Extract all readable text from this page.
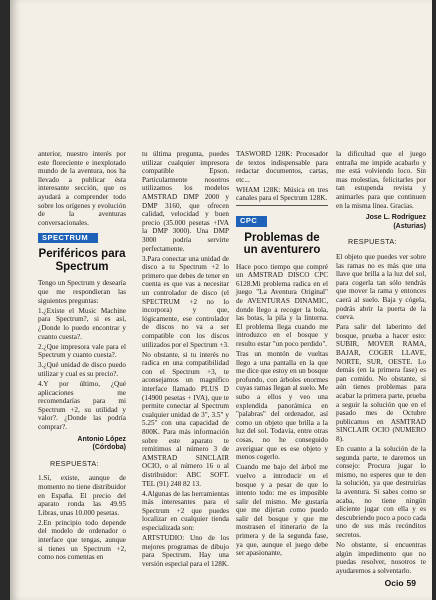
anterior, nuestro interés por este floreciente e inexplotado mundo de la aventura, nos ha llevado a publicar ésta interesante sección, que os ayudará a comprender todo sobre los orígenes y evolución de la aventuras conversacionales.

SPECTRUM
Periféricos para Spectrum

Tengo un Spectrum y desearía que me respondieran las siguientes preguntas:

1.¿Existe el Music Machine para Spectrum?, si es así, ¿Donde lo puedo encontrar y cuanto cuesta?.

2.¿Que impresora vale para el Spectrum y cuanto cuesta?.

3.¿Qué unidad de disco puedo utilizar y cual es su precio?.

4.Y por último, ¿Qué aplicaciones me recomendarías para mi Spectrum +2, su utilidad y valor?. ¿Donde las podría comprar?.

Antonio López
(Córdoba)
RESPUESTA:

1.Sí, existe, aunque de momento no tiene distribuidor en España. El precio del aparato ronda las 49.95 Libras, unas 10.000 pesetas.

2.En principio todo depende del modelo de ordenador o interface que tengas, aunque si tienes un Spectrum +2, como nos comentas en

tu última pregunta, puedes utilizar cualquier impresora compatible Epson. Particularmente nosotros utilizamos los modelos AMSTRAD DMP 2000 y DMP 3160, que ofrecen calidad, velocidad y buen precio (35.000 pesetas +IVA la DMP 3000). Una DMP 3000 podría servirte perfectamente.

3.Para conectar una unidad de disco a tu Spectrum +2 lo primero que debes de tener en cuenta es que vas a necesitar un controlador de disco (el SPECTRUM +2 no lo incorpora) y que, lógicamente, ese controlador de discos no va a ser compatible con los discos utilizados por el Spectrum +3.

No obstante, si tu interés no radica en una compatibilidad con el Spectrum +3, te aconsejamos un magnífico interface llamado PLUS D (14900 pesetas + IVA), que te permite conectar al Spectrum cualquier unidad de 3", 3.5" y 5.25" con una capacidad de 800K. Para más información sobre este aparato te remitimos al número 3 de AMSTRAD SINCLAIR OCIO, o al número 16 o al distribuidor: ABC SOFT. TEL (91) 248 82 13.

4.Algunas de las herramientas más interesantes para el Spectrum +2 que puedes localizar en cualquier tienda especializada son:

ARTSTUDIO: Uno de los mejores programas de dibujo para Spectrum. Hay una versión especial para el 128K.

TASWORD 128K: Procesador de textos indispensable para redactar documentos, cartas, etc...

WHAM 128K: Música en tres canales para el Spectrum 128K.

CPC
Problemas de un aventurero

Hace poco tiempo que compré un AMSTRAD DISCO CPC 6128.Mi problema radica en el juego "La Aventura Original" de AVENTURAS DINAMIC, donde llego a recoger la bola, las botas, la pila y la linterna. El problema llega cuando me introduzco en el bosque y resulto estar "un poco perdido".

Tras un montón de vueltas llego a una pantalla en la que me dice que estoy en un bosque profundo, con árboles enormes cuyas ramas llegan al suelo. Me subo a ellos y veo una explendida panorámica en "palabras" del ordenador, así como un objeto que brilla a la luz del sol. Todavía, entre otras cosas, no he conseguido averiguar que es ese objeto y menos cogerlo.

Cuando me bajo del árbol me vuelvo a introducir en el bosque y a pesar de que lo intento todo: me es imposible salir del mismo. Me gustaría que me dijeran como puedo salir del bosque y que me mostrasen el itinerario de la primera y de la segunda fase, ya que, aunque el juego debe ser apasionante,

la dificultad que el juego entraña me impide acabarlo y me está volviendo loco. Sin mas molestias, felicitarles por tan estupenda revista y animarles para que continuen en la misma línea. Gracias.

Jose L. Rodríguez
(Asturias)
RESPUESTA:

El objeto que puedes ver sobre las ramas no es más que una llave que brilla a la luz del sol, para cogerla tan sólo tendrás que mover la rama y entonces caerá al suelo. Baja y cógela, podrás abrir la puerta de la cueva.

Para salir del laberinto del bosque, prueba a hacer esto: SUBIR, MOVER RAMA, BAJAR, COGER LLAVE, NORTE, SUR, OESTE. Lo demás (en la primera fase) es pan comido. No obstante, si aún tienes problemas para acabar la primera parte, prueba a seguir la solución que en el pasado mes de Octubre publicamos en ASMTRAD SINCLAIR OCIO (NUMERO 8).

En cuanto a la solución de la segunda parte, te daremos un consejo: Procura jugar lo mismo, no esperes que te den la solución, ya que destruirías la aventura. Si sabes como se acaba, no tiene ningún aliciente jugar con ella y es descubriendo poco a poco cada uno de sus más recónditos secretos.

No obstante, si encuentras algún impedimento que no puedas resolver, nosotros te ayudaremos a solventarlo.

Ocio 59
